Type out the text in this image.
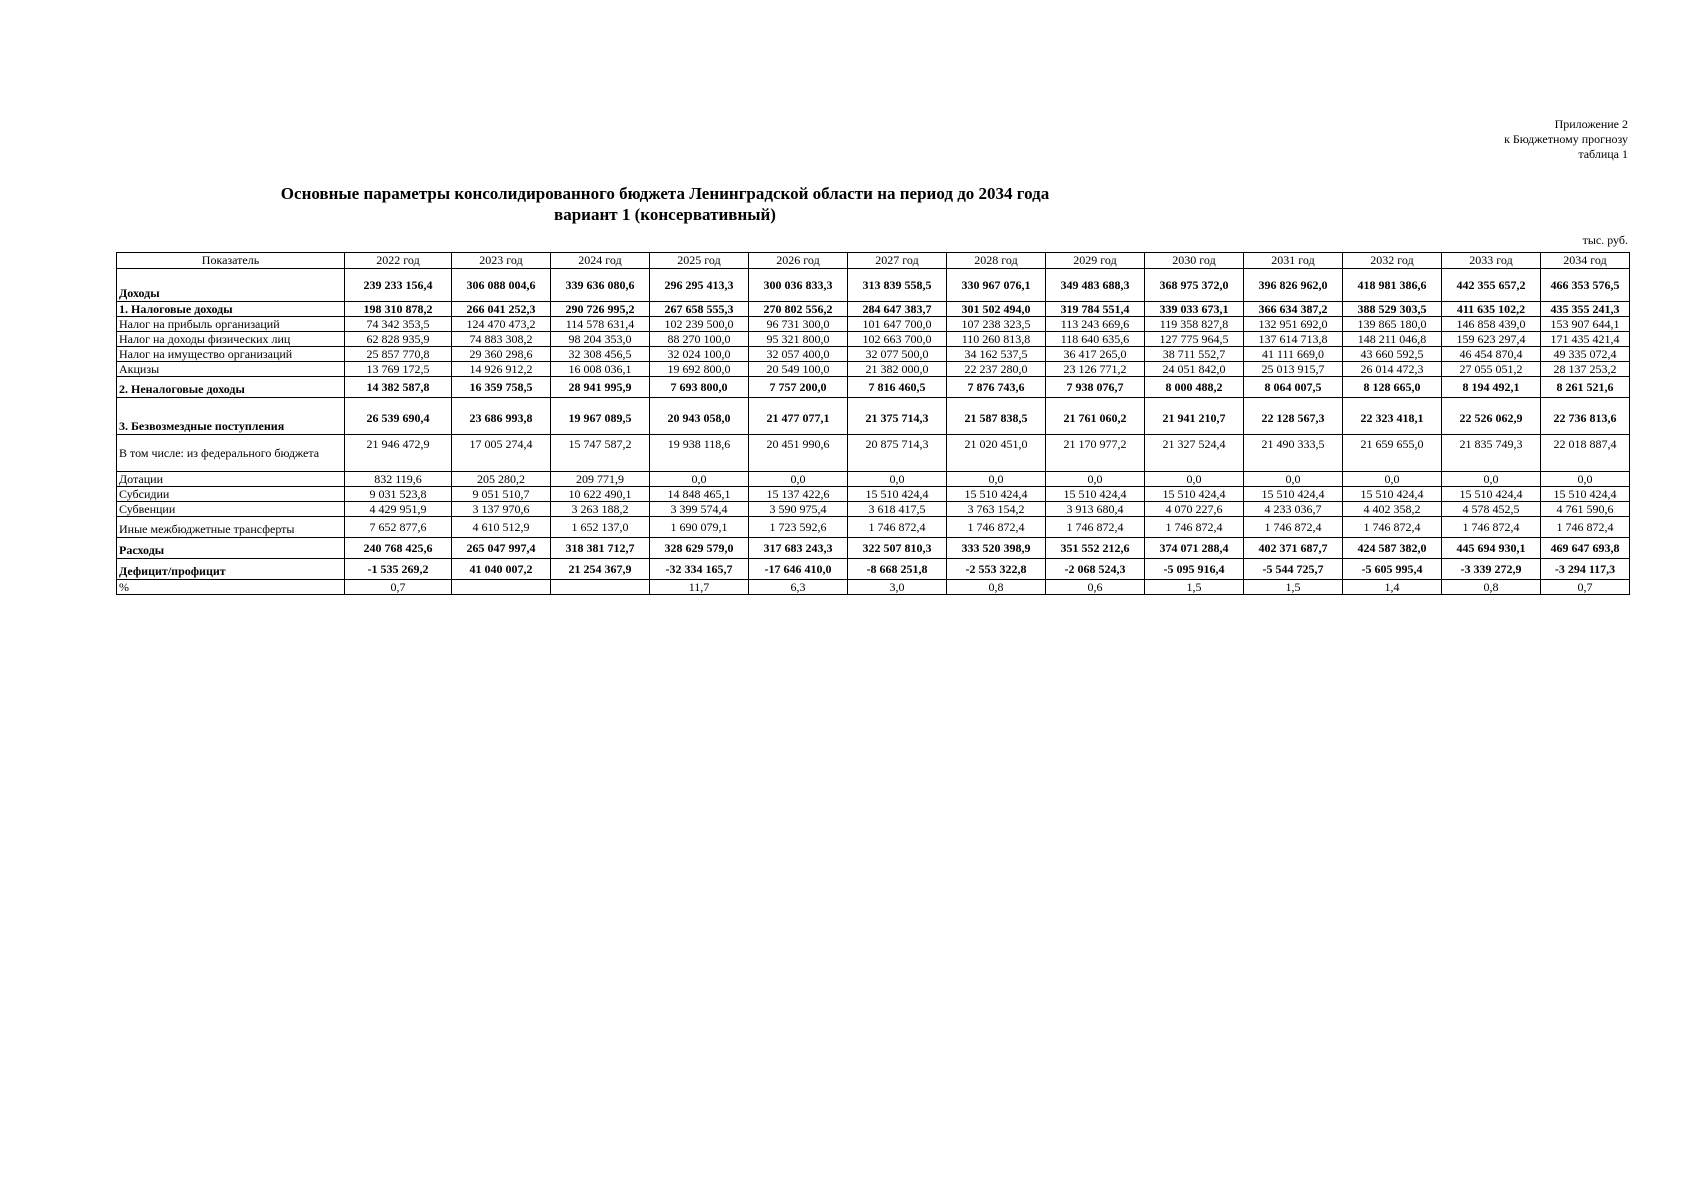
Приложение 2
к Бюджетному прогнозу
таблица 1
Основные параметры консолидированного бюджета Ленинградской области на период до 2034 года
вариант 1 (консервативный)
тыс. руб.
Показатель	2022 год	2023 год	2024 год	2025 год	2026 год	2027 год	2028 год	2029 год	2030 год	2031 год	2032 год	2033 год	2034 год
Доходы	239 233 156,4	306 088 004,6	339 636 080,6	296 295 413,3	300 036 833,3	313 839 558,5	330 967 076,1	349 483 688,3	368 975 372,0	396 826 962,0	418 981 386,6	442 355 657,2	466 353 576,5
1. Налоговые доходы	198 310 878,2	266 041 252,3	290 726 995,2	267 658 555,3	270 802 556,2	284 647 383,7	301 502 494,0	319 784 551,4	339 033 673,1	366 634 387,2	388 529 303,5	411 635 102,2	435 355 241,3
Налог на прибыль организаций	74 342 353,5	124 470 473,2	114 578 631,4	102 239 500,0	96 731 300,0	101 647 700,0	107 238 323,5	113 243 669,6	119 358 827,8	132 951 692,0	139 865 180,0	146 858 439,0	153 907 644,1
Налог на доходы физических лиц	62 828 935,9	74 883 308,2	98 204 353,0	88 270 100,0	95 321 800,0	102 663 700,0	110 260 813,8	118 640 635,6	127 775 964,5	137 614 713,8	148 211 046,8	159 623 297,4	171 435 421,4
Налог на имущество организаций	25 857 770,8	29 360 298,6	32 308 456,5	32 024 100,0	32 057 400,0	32 077 500,0	34 162 537,5	36 417 265,0	38 711 552,7	41 111 669,0	43 660 592,5	46 454 870,4	49 335 072,4
Акцизы	13 769 172,5	14 926 912,2	16 008 036,1	19 692 800,0	20 549 100,0	21 382 000,0	22 237 280,0	23 126 771,2	24 051 842,0	25 013 915,7	26 014 472,3	27 055 051,2	28 137 253,2
2. Неналоговые доходы	14 382 587,8	16 359 758,5	28 941 995,9	7 693 800,0	7 757 200,0	7 816 460,5	7 876 743,6	7 938 076,7	8 000 488,2	8 064 007,5	8 128 665,0	8 194 492,1	8 261 521,6
3. Безвозмездные поступления	26 539 690,4	23 686 993,8	19 967 089,5	20 943 058,0	21 477 077,1	21 375 714,3	21 587 838,5	21 761 060,2	21 941 210,7	22 128 567,3	22 323 418,1	22 526 062,9	22 736 813,6
В том числе: из федерального бюджета	21 946 472,9	17 005 274,4	15 747 587,2	19 938 118,6	20 451 990,6	20 875 714,3	21 020 451,0	21 170 977,2	21 327 524,4	21 490 333,5	21 659 655,0	21 835 749,3	22 018 887,4
Дотации	832 119,6	205 280,2	209 771,9	0,0	0,0	0,0	0,0	0,0	0,0	0,0	0,0	0,0	0,0
Субсидии	9 031 523,8	9 051 510,7	10 622 490,1	14 848 465,1	15 137 422,6	15 510 424,4	15 510 424,4	15 510 424,4	15 510 424,4	15 510 424,4	15 510 424,4	15 510 424,4	15 510 424,4
Субвенции	4 429 951,9	3 137 970,6	3 263 188,2	3 399 574,4	3 590 975,4	3 618 417,5	3 763 154,2	3 913 680,4	4 070 227,6	4 233 036,7	4 402 358,2	4 578 452,5	4 761 590,6
Иные межбюджетные трансферты	7 652 877,6	4 610 512,9	1 652 137,0	1 690 079,1	1 723 592,6	1 746 872,4	1 746 872,4	1 746 872,4	1 746 872,4	1 746 872,4	1 746 872,4	1 746 872,4	1 746 872,4
Расходы	240 768 425,6	265 047 997,4	318 381 712,7	328 629 579,0	317 683 243,3	322 507 810,3	333 520 398,9	351 552 212,6	374 071 288,4	402 371 687,7	424 587 382,0	445 694 930,1	469 647 693,8
Дефицит/профицит	-1 535 269,2	41 040 007,2	21 254 367,9	-32 334 165,7	-17 646 410,0	-8 668 251,8	-2 553 322,8	-2 068 524,3	-5 095 916,4	-5 544 725,7	-5 605 995,4	-3 339 272,9	-3 294 117,3
%	0,7			11,7	6,3	3,0	0,8	0,6	1,5	1,5	1,4	0,8	0,7
